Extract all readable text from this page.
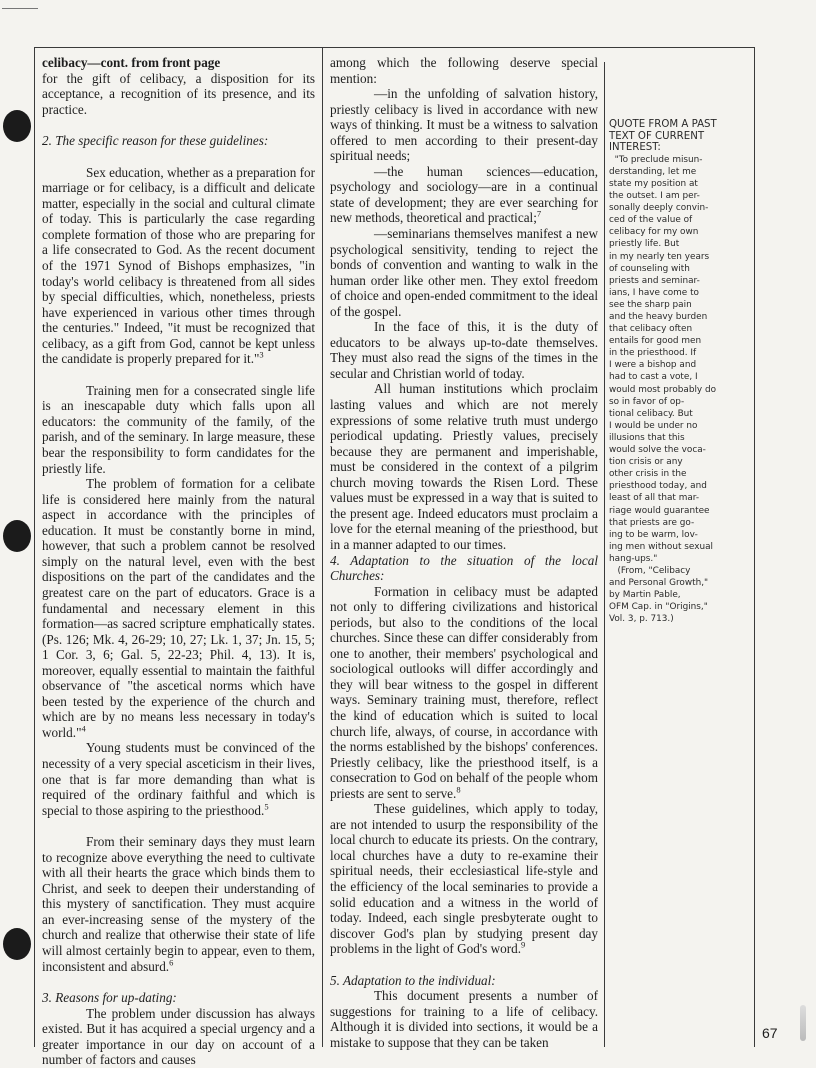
celibacy—cont. from front page

for the gift of celibacy, a disposition for its acceptance, a recognition of its presence, and its practice.

2. The specific reason for these guidelines:

Sex education, whether as a preparation for marriage or for celibacy, is a difficult and delicate matter, especially in the social and cultural climate of today. This is particularly the case regarding complete formation of those who are preparing for a life consecrated to God. As the recent document of the 1971 Synod of Bishops emphasizes, "in today's world celibacy is threatened from all sides by special difficulties, which, nonetheless, priests have experienced in various other times through the centuries." Indeed, "it must be recognized that celibacy, as a gift from God, cannot be kept unless the candidate is properly prepared for it."$^3$

Training men for a consecrated single life is an inescapable duty which falls upon all educators: the community of the family, of the parish, and of the seminary. In large measure, these bear the responsibility to form candidates for the priestly life.

The problem of formation for a celibate life is considered here mainly from the natural aspect in accordance with the principles of education. It must be constantly borne in mind, however, that such a problem cannot be resolved simply on the natural level, even with the best dispositions on the part of the candidates and the greatest care on the part of educators. Grace is a fundamental and necessary element in this formation—as sacred scripture emphatically states. (Ps. 126; Mk. 4, 26-29; 10, 27; Lk. 1, 37; Jn. 15, 5; 1 Cor. 3, 6; Gal. 5, 22-23; Phil. 4, 13). It is, moreover, equally essential to maintain the faithful observance of "the ascetical norms which have been tested by the experience of the church and which are by no means less necessary in today's world."$^4$

Young students must be convinced of the necessity of a very special asceticism in their lives, one that is far more demanding than what is required of the ordinary faithful and which is special to those aspiring to the priesthood.$^5$

From their seminary days they must learn to recognize above everything the need to cultivate with all their hearts the grace which binds them to Christ, and seek to deepen their understanding of this mystery of sanctification. They must acquire an ever-increasing sense of the mystery of the church and realize that otherwise their state of life will almost certainly begin to appear, even to them, inconsistent and absurd.$^6$

3. Reasons for up-dating:

The problem under discussion has always existed. But it has acquired a special urgency and a greater importance in our day on account of a number of factors and causes

among which the following deserve special mention:

—in the unfolding of salvation history, priestly celibacy is lived in accordance with new ways of thinking. It must be a witness to salvation offered to men according to their present-day spiritual needs;

—the human sciences—education, psychology and sociology—are in a continual state of development; they are ever searching for new methods, theoretical and practical;$^7$

—seminarians themselves manifest a new psychological sensitivity, tending to reject the bonds of convention and wanting to walk in the human order like other men. They extol freedom of choice and open-ended commitment to the ideal of the gospel.

In the face of this, it is the duty of educators to be always up-to-date themselves. They must also read the signs of the times in the secular and Christian world of today.

All human institutions which proclaim lasting values and which are not merely expressions of some relative truth must undergo periodical updating. Priestly values, precisely because they are permanent and imperishable, must be considered in the context of a pilgrim church moving towards the Risen Lord. These values must be expressed in a way that is suited to the present age. Indeed educators must proclaim a love for the eternal meaning of the priesthood, but in a manner adapted to our times.

4. Adaptation to the situation of the local Churches:

Formation in celibacy must be adapted not only to differing civilizations and historical periods, but also to the conditions of the local churches. Since these can differ considerably from one to another, their members' psychological and sociological outlooks will differ accordingly and they will bear witness to the gospel in different ways. Seminary training must, therefore, reflect the kind of education which is suited to local church life, always, of course, in accordance with the norms established by the bishops' conferences. Priestly celibacy, like the priesthood itself, is a consecration to God on behalf of the people whom priests are sent to serve.$^8$

These guidelines, which apply to today, are not intended to usurp the responsibility of the local church to educate its priests. On the contrary, local churches have a duty to re-examine their spiritual needs, their ecclesiastical life-style and the efficiency of the local seminaries to provide a solid education and a witness in the world of today. Indeed, each single presbyterate ought to discover God's plan by studying present day problems in the light of God's word.$^9$

5. Adaptation to the individual:

This document presents a number of suggestions for training to a life of celibacy. Although it is divided into sections, it would be a mistake to suppose that they can be taken

QUOTE FROM A PAST
TEXT OF CURRENT
INTEREST:
"To preclude misun-
derstanding, let me
state my position at
the outset. I am per-
sonally deeply convin-
ced of the value of
celibacy for my own
priestly life. But
in my nearly ten years
of counseling with
priests and seminar-
ians, I have come to
see the sharp pain
and the heavy burden
that celibacy often
entails for good men
in the priesthood. If
I were a bishop and
had to cast a vote, I
would most probably do
so in favor of op-
tional celibacy. But
I would be under no
illusions that this
would solve the voca-
tion crisis or any
other crisis in the
priesthood today, and
least of all that mar-
riage would guarantee
that priests are go-
ing to be warm, lov-
ing men without sexual
hang-ups."
(From, "Celibacy
and Personal Growth,"
by Martin Pable,
OFM Cap. in "Origins,"
Vol. 3, p. 713.)
67
